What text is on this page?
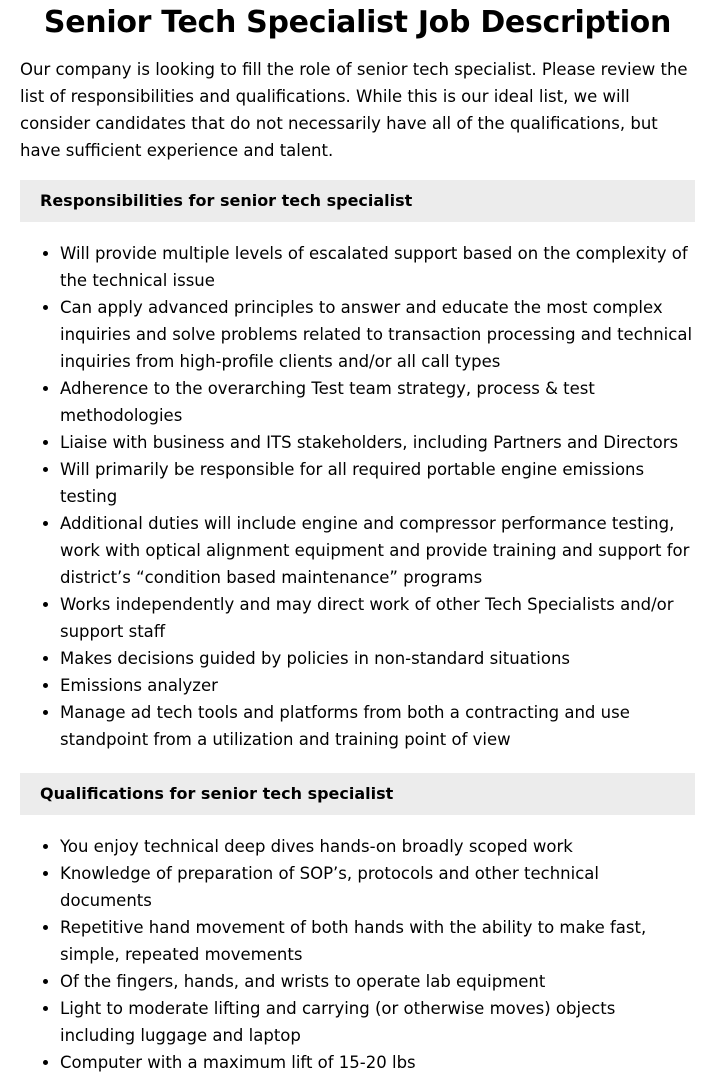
Senior Tech Specialist Job Description

Our company is looking to fill the role of senior tech specialist. Please review the list of responsibilities and qualifications. While this is our ideal list, we will consider candidates that do not necessarily have all of the qualifications, but have sufficient experience and talent.

Responsibilities for senior tech specialist
• Will provide multiple levels of escalated support based on the complexity of the technical issue
• Can apply advanced principles to answer and educate the most complex inquiries and solve problems related to transaction processing and technical inquiries from high-profile clients and/or all call types
• Adherence to the overarching Test team strategy, process & test methodologies
• Liaise with business and ITS stakeholders, including Partners and Directors
• Will primarily be responsible for all required portable engine emissions testing
• Additional duties will include engine and compressor performance testing, work with optical alignment equipment and provide training and support for district’s “condition based maintenance” programs
• Works independently and may direct work of other Tech Specialists and/or support staff
• Makes decisions guided by policies in non-standard situations
• Emissions analyzer
• Manage ad tech tools and platforms from both a contracting and use standpoint from a utilization and training point of view
Qualifications for senior tech specialist
• You enjoy technical deep dives hands-on broadly scoped work
• Knowledge of preparation of SOP’s, protocols and other technical documents
• Repetitive hand movement of both hands with the ability to make fast, simple, repeated movements
• Of the fingers, hands, and wrists to operate lab equipment
• Light to moderate lifting and carrying (or otherwise moves) objects including luggage and laptop
• Computer with a maximum lift of 15-20 lbs
